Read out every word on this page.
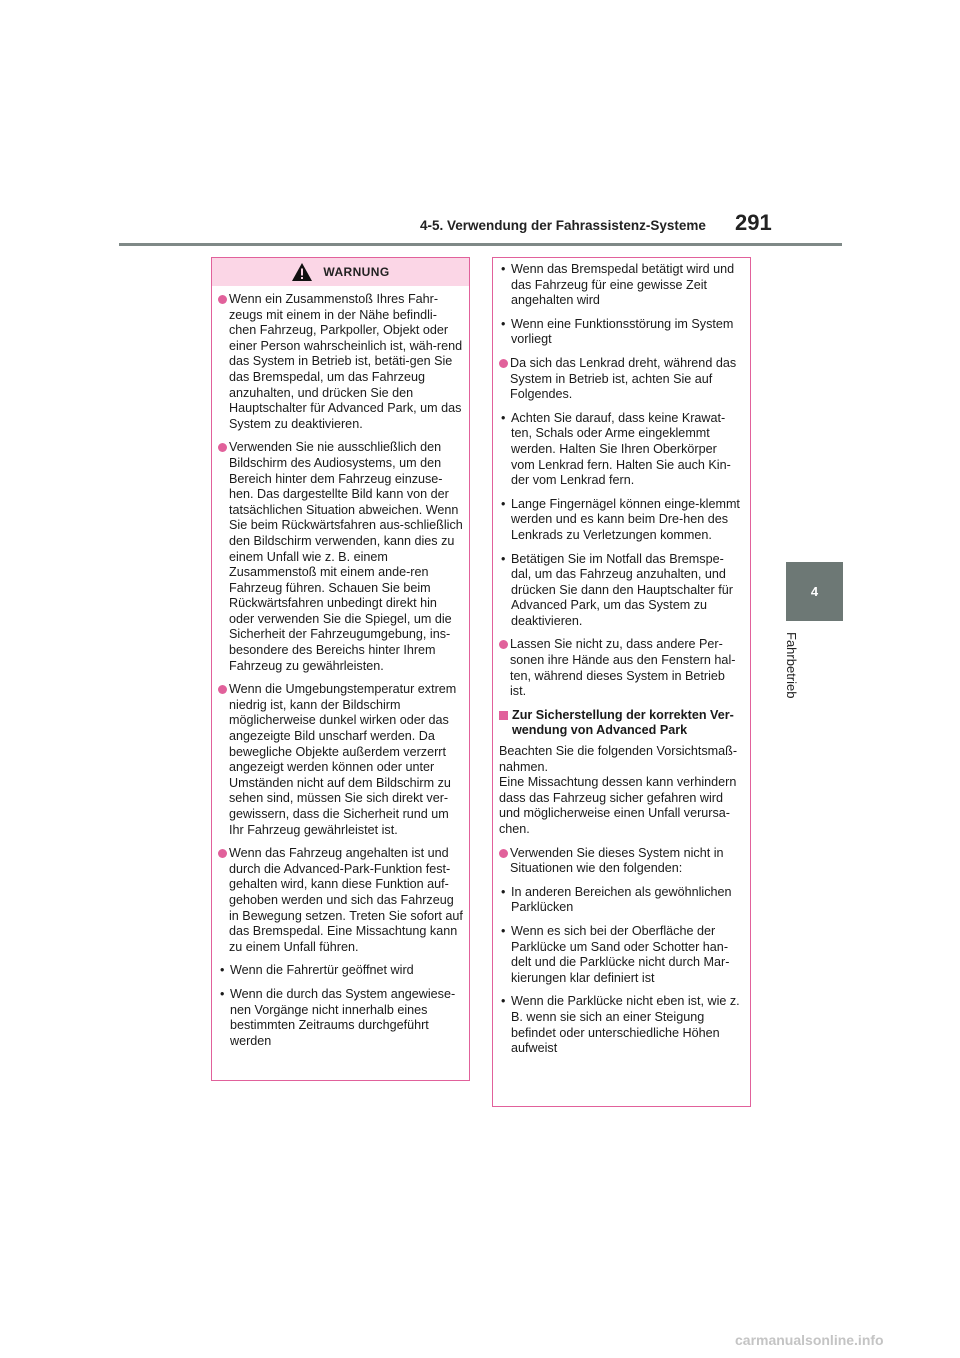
4-5. Verwendung der Fahrassistenz-Systeme 291
4
Fahrbetrieb
WARNUNG

Wenn ein Zusammenstoß Ihres Fahr-zeugs mit einem in der Nähe befindli-chen Fahrzeug, Parkpoller, Objekt oder einer Person wahrscheinlich ist, wäh-rend das System in Betrieb ist, betäti-gen Sie das Bremspedal, um das Fahrzeug anzuhalten, und drücken Sie den Hauptschalter für Advanced Park, um das System zu deaktivieren.

Verwenden Sie nie ausschließlich den Bildschirm des Audiosystems, um den Bereich hinter dem Fahrzeug einzuse-hen. Das dargestellte Bild kann von der tatsächlichen Situation abweichen. Wenn Sie beim Rückwärtsfahren aus-schließlich den Bildschirm verwenden, kann dies zu einem Unfall wie z. B. einem Zusammenstoß mit einem ande-ren Fahrzeug führen. Schauen Sie beim Rückwärtsfahren unbedingt direkt hin oder verwenden Sie die Spiegel, um die Sicherheit der Fahrzeugumgebung, ins-besondere des Bereichs hinter Ihrem Fahrzeug zu gewährleisten.

Wenn die Umgebungstemperatur extrem niedrig ist, kann der Bildschirm möglicherweise dunkel wirken oder das angezeigte Bild unscharf werden. Da bewegliche Objekte außerdem verzerrt angezeigt werden können oder unter Umständen nicht auf dem Bildschirm zu sehen sind, müssen Sie sich direkt ver-gewissern, dass die Sicherheit rund um Ihr Fahrzeug gewährleistet ist.

Wenn das Fahrzeug angehalten ist und durch die Advanced-Park-Funktion fest-gehalten wird, kann diese Funktion auf-gehoben werden und sich das Fahrzeug in Bewegung setzen. Treten Sie sofort auf das Bremspedal. Eine Missachtung kann zu einem Unfall führen.

• Wenn die Fahrertür geöffnet wird

• Wenn die durch das System angewiese-nen Vorgänge nicht innerhalb eines bestimmten Zeitraums durchgeführt werden

• Wenn das Bremspedal betätigt wird und das Fahrzeug für eine gewisse Zeit angehalten wird

• Wenn eine Funktionsstörung im System vorliegt

Da sich das Lenkrad dreht, während das System in Betrieb ist, achten Sie auf Folgendes.

• Achten Sie darauf, dass keine Krawat-ten, Schals oder Arme eingeklemmt werden. Halten Sie Ihren Oberkörper vom Lenkrad fern. Halten Sie auch Kin-der vom Lenkrad fern.

• Lange Fingernägel können einge-klemmt werden und es kann beim Dre-hen des Lenkrads zu Verletzungen kommen.

• Betätigen Sie im Notfall das Bremspe-dal, um das Fahrzeug anzuhalten, und drücken Sie dann den Hauptschalter für Advanced Park, um das System zu deaktivieren.

Lassen Sie nicht zu, dass andere Per-sonen ihre Hände aus den Fenstern hal-ten, während dieses System in Betrieb ist.

Zur Sicherstellung der korrekten Ver-wendung von Advanced Park

Beachten Sie die folgenden Vorsichtsmaß-nahmen.

Eine Missachtung dessen kann verhindern dass das Fahrzeug sicher gefahren wird und möglicherweise einen Unfall verursa-chen.

Verwenden Sie dieses System nicht in Situationen wie den folgenden:

• In anderen Bereichen als gewöhnlichen Parklücken

• Wenn es sich bei der Oberfläche der Parklücke um Sand oder Schotter han-delt und die Parklücke nicht durch Mar-kierungen klar definiert ist

• Wenn die Parklücke nicht eben ist, wie z. B. wenn sie sich an einer Steigung befindet oder unterschiedliche Höhen aufweist

carmanualsonline.info
